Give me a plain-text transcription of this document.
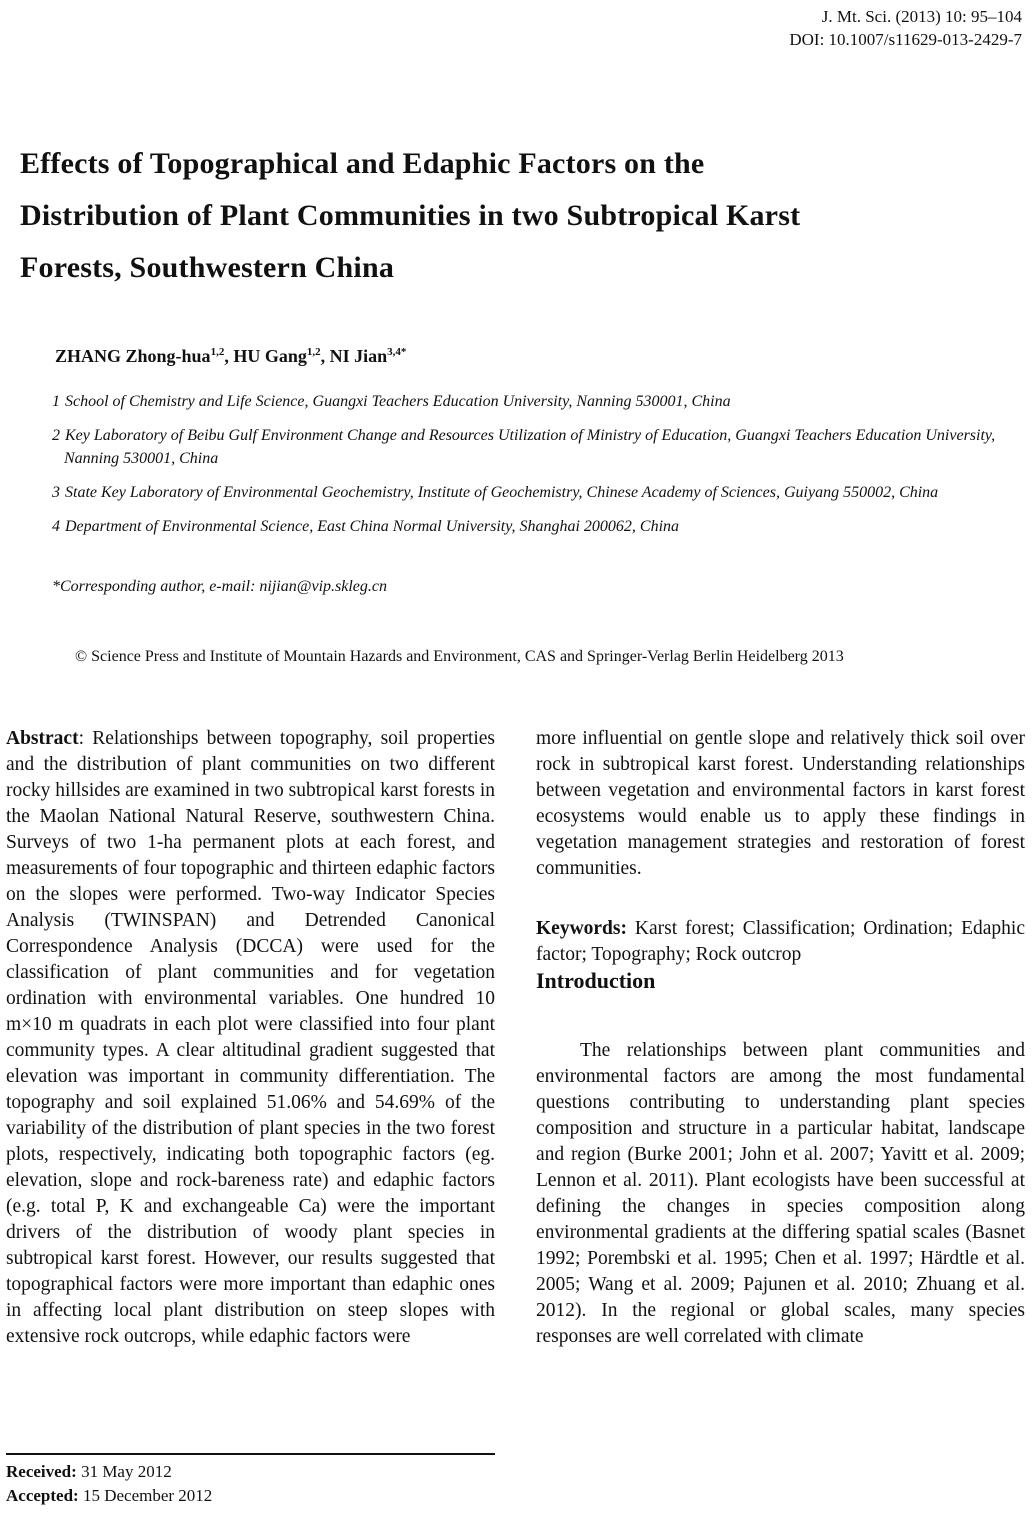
J. Mt. Sci. (2013) 10: 95–104
DOI: 10.1007/s11629-013-2429-7
Effects of Topographical and Edaphic Factors on the
Distribution of Plant Communities in two Subtropical Karst
Forests, Southwestern China
ZHANG Zhong-hua$^{1,2}$, HU Gang$^{1,2}$, NI Jian$^{3,4*}$
1 School of Chemistry and Life Science, Guangxi Teachers Education University, Nanning 530001, China
2 Key Laboratory of Beibu Gulf Environment Change and Resources Utilization of Ministry of Education, Guangxi Teachers Education University, Nanning 530001, China
3 State Key Laboratory of Environmental Geochemistry, Institute of Geochemistry, Chinese Academy of Sciences, Guiyang 550002, China
4 Department of Environmental Science, East China Normal University, Shanghai 200062, China
*Corresponding author, e-mail: nijian@vip.skleg.cn
© Science Press and Institute of Mountain Hazards and Environment, CAS and Springer-Verlag Berlin Heidelberg 2013

Abstract: Relationships between topography, soil properties and the distribution of plant communities on two different rocky hillsides are examined in two subtropical karst forests in the Maolan National Natural Reserve, southwestern China. Surveys of two 1-ha permanent plots at each forest, and measurements of four topographic and thirteen edaphic factors on the slopes were performed. Two-way Indicator Species Analysis (TWINSPAN) and Detrended Canonical Correspondence Analysis (DCCA) were used for the classification of plant communities and for vegetation ordination with environmental variables. One hundred 10 m×10 m quadrats in each plot were classified into four plant community types. A clear altitudinal gradient suggested that elevation was important in community differentiation. The topography and soil explained 51.06% and 54.69% of the variability of the distribution of plant species in the two forest plots, respectively, indicating both topographic factors (eg. elevation, slope and rock-bareness rate) and edaphic factors (e.g. total P, K and exchangeable Ca) were the important drivers of the distribution of woody plant species in subtropical karst forest. However, our results suggested that topographical factors were more important than edaphic ones in affecting local plant distribution on steep slopes with extensive rock outcrops, while edaphic factors were

more influential on gentle slope and relatively thick soil over rock in subtropical karst forest. Understanding relationships between vegetation and environmental factors in karst forest ecosystems would enable us to apply these findings in vegetation management strategies and restoration of forest communities.

Keywords: Karst forest; Classification; Ordination; Edaphic factor; Topography; Rock outcrop

Introduction

The relationships between plant communities and environmental factors are among the most fundamental questions contributing to understanding plant species composition and structure in a particular habitat, landscape and region (Burke 2001; John et al. 2007; Yavitt et al. 2009; Lennon et al. 2011). Plant ecologists have been successful at defining the changes in species composition along environmental gradients at the differing spatial scales (Basnet 1992; Porembski et al. 1995; Chen et al. 1997; Härdtle et al. 2005; Wang et al. 2009; Pajunen et al. 2010; Zhuang et al. 2012). In the regional or global scales, many species responses are well correlated with climate

Received: 31 May 2012
Accepted: 15 December 2012
